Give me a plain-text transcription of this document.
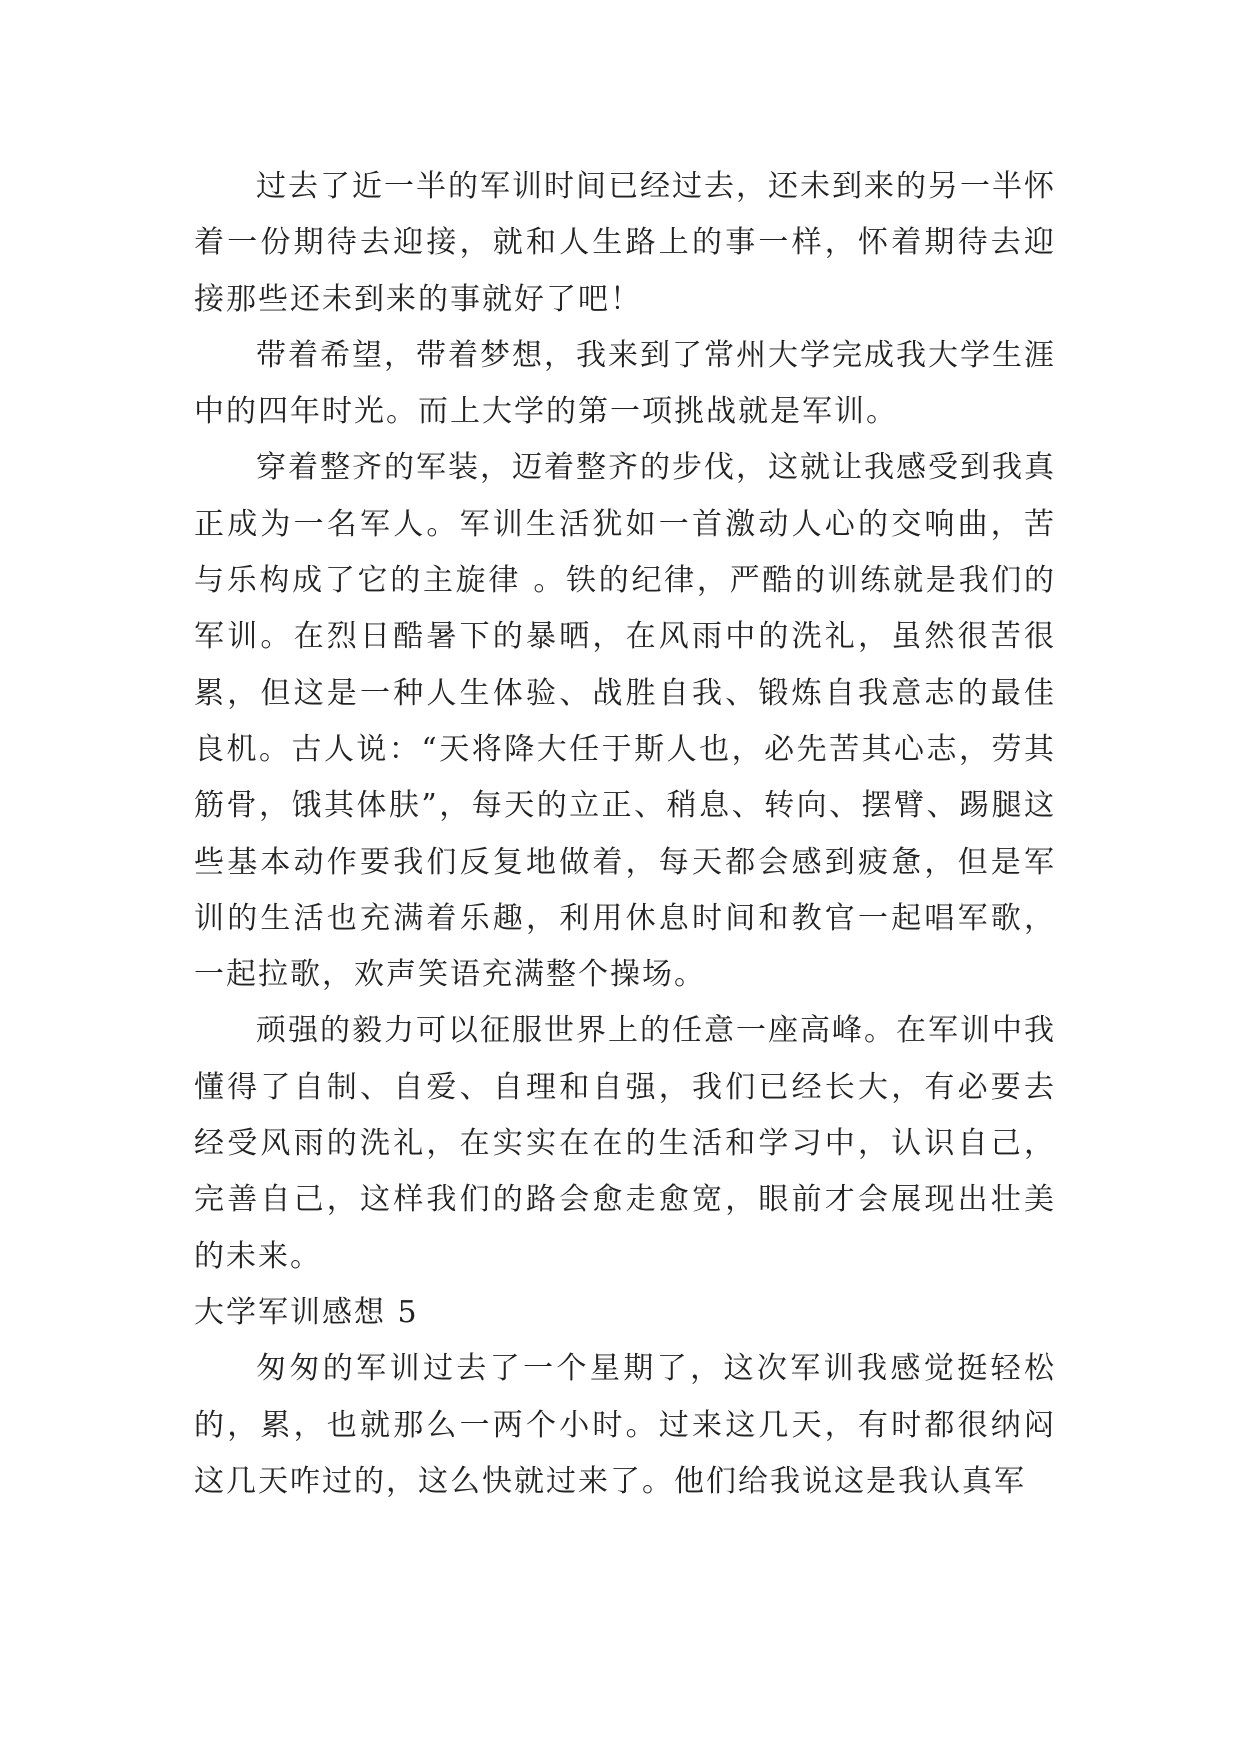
过去了近一半的军训时间已经过去，还未到来的另一半怀着一份期待去迎接，就和人生路上的事一样，怀着期待去迎接那些还未到来的事就好了吧！

带着希望，带着梦想，我来到了常州大学完成我大学生涯中的四年时光。而上大学的第一项挑战就是军训。

穿着整齐的军装，迈着整齐的步伐，这就让我感受到我真正成为一名军人。军训生活犹如一首激动人心的交响曲，苦与乐构成了它的主旋律 。铁的纪律，严酷的训练就是我们的军训。在烈日酷暑下的暴晒，在风雨中的洗礼，虽然很苦很累，但这是一种人生体验、战胜自我、锻炼自我意志的最佳良机。古人说：“天将降大任于斯人也，必先苦其心志，劳其筋骨，饿其体肤”，每天的立正、稍息、转向、摆臂、踢腿这些基本动作要我们反复地做着，每天都会感到疲惫，但是军训的生活也充满着乐趣，利用休息时间和教官一起唱军歌，一起拉歌，欢声笑语充满整个操场。

顽强的毅力可以征服世界上的任意一座高峰。在军训中我懂得了自制、自爱、自理和自强，我们已经长大，有必要去经受风雨的洗礼，在实实在在的生活和学习中，认识自己，完善自己，这样我们的路会愈走愈宽，眼前才会展现出壮美的未来。

大学军训感想 5

匆匆的军训过去了一个星期了，这次军训我感觉挺轻松的，累，也就那么一两个小时。过来这几天，有时都很纳闷这几天咋过的，这么快就过来了。他们给我说这是我认真军
